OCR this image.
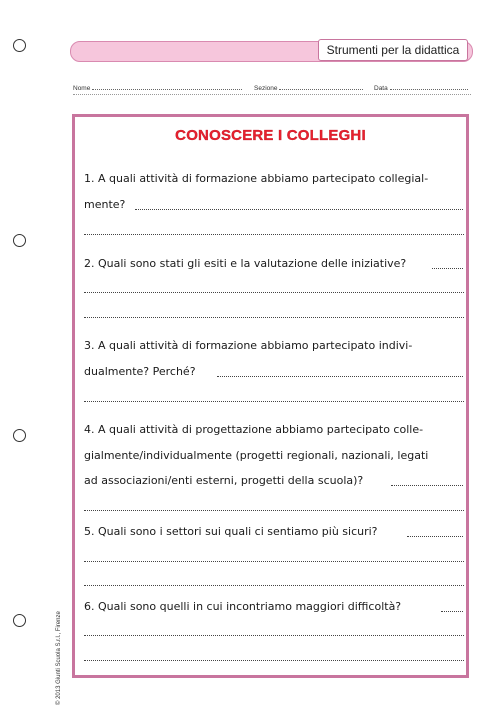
Strumenti per la didattica
Nome	Sezione	Data
CONOSCERE I COLLEGHI
1. A quali attività di formazione abbiamo partecipato collegial-
mente?
2. Quali sono stati gli esiti e la valutazione delle iniziative?
3. A quali attività di formazione abbiamo partecipato indivi-
dualmente? Perché?
4. A quali attività di progettazione abbiamo partecipato colle-
gialmente/individualmente (progetti regionali, nazionali, legati
ad associazioni/enti esterni, progetti della scuola)?
5. Quali sono i settori sui quali ci sentiamo più sicuri?
6. Quali sono quelli in cui incontriamo maggiori difficoltà?
© 2013 Giunti Scuola S.r.l., Firenze
